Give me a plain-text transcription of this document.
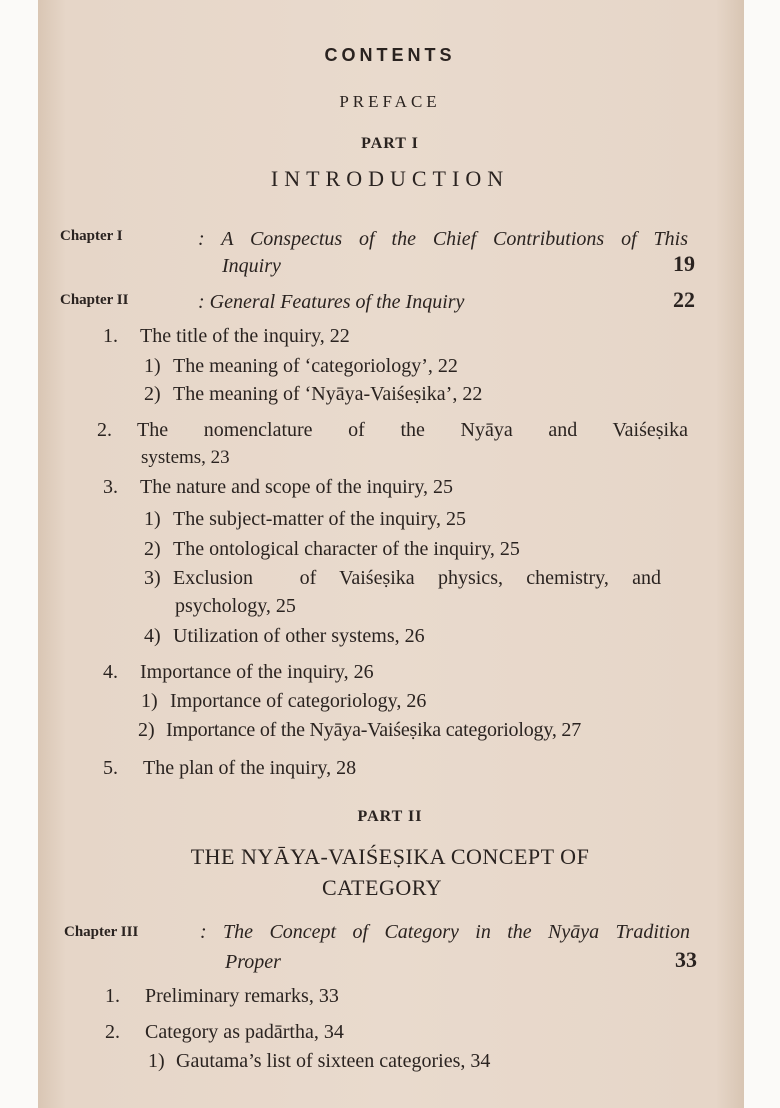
CONTENTS
PREFACE
PART I
INTRODUCTION
Chapter I	: A Conspectus of the Chief Contributions of This
Inquiry	19
Chapter II	: General Features of the Inquiry	22
1. The title of the inquiry, 22
1) The meaning of ‘categoriology’, 22
2) The meaning of ‘Nyāya-Vaiśeṣika’, 22
2. The nomenclature of the Nyāya and Vaiśeṣika
systems, 23
3. The nature and scope of the inquiry, 25
1) The subject-matter of the inquiry, 25
2) The ontological character of the inquiry, 25
3) Exclusion  of Vaiśeṣika physics, chemistry, and
psychology, 25
4) Utilization of other systems, 26
4. Importance of the inquiry, 26
1) Importance of categoriology, 26
2) Importance of the Nyāya-Vaiśeṣika categoriology, 27
5. The plan of the inquiry, 28
PART II
THE NYĀYA-VAIŚEṢIKA CONCEPT OF
CATEGORY
Chapter III	: The Concept of Category in the Nyāya Tradition
Proper	33
1. Preliminary remarks, 33
2. Category as padārtha, 34
1) Gautama’s list of sixteen categories, 34
